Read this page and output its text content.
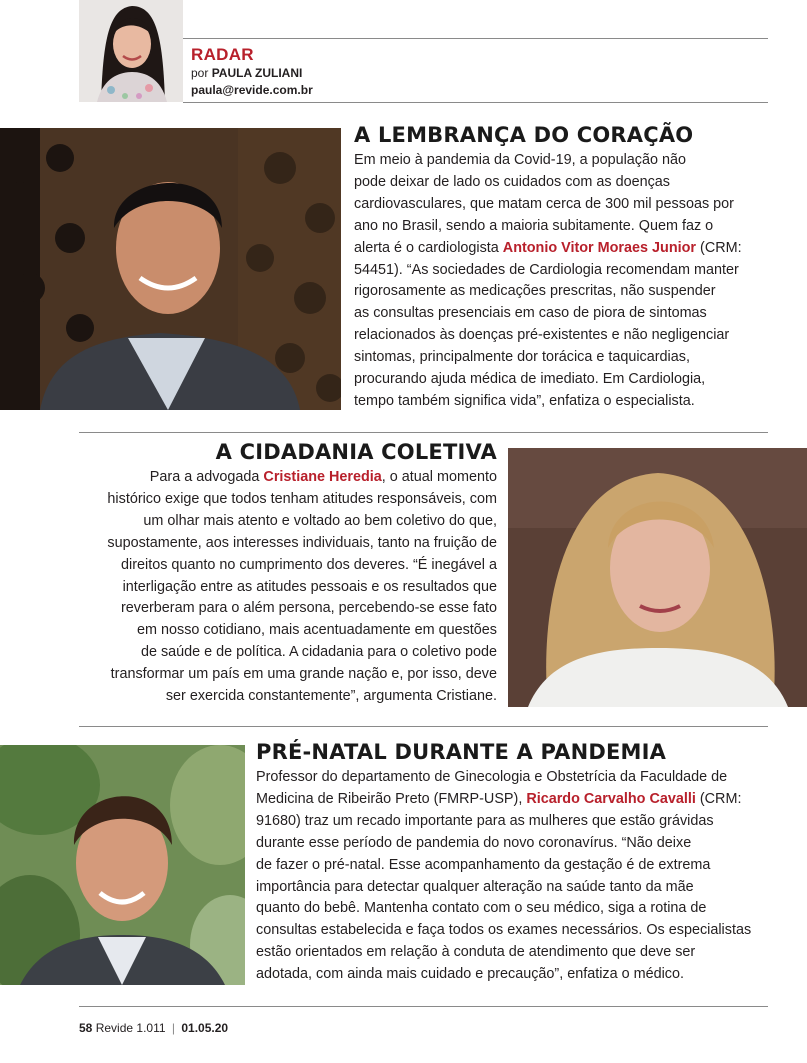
RADAR
por PAULA ZULIANI
paula@revide.com.br
A LEMBRANÇA DO CORAÇÃO
Em meio à pandemia da Covid-19, a população não
pode deixar de lado os cuidados com as doenças
cardiovasculares, que matam cerca de 300 mil pessoas por
ano no Brasil, sendo a maioria subitamente. Quem faz o
alerta é o cardiologista Antonio Vitor Moraes Junior (CRM:
54451). “As sociedades de Cardiologia recomendam manter
rigorosamente as medicações prescritas, não suspender
as consultas presenciais em caso de piora de sintomas
relacionados às doenças pré-existentes e não negligenciar
sintomas, principalmente dor torácica e taquicardias,
procurando ajuda médica de imediato. Em Cardiologia,
tempo também significa vida”, enfatiza o especialista.
A CIDADANIA COLETIVA
Para a advogada Cristiane Heredia, o atual momento
histórico exige que todos tenham atitudes responsáveis, com
um olhar mais atento e voltado ao bem coletivo do que,
supostamente, aos interesses individuais, tanto na fruição de
direitos quanto no cumprimento dos deveres. “É inegável a
interligação entre as atitudes pessoais e os resultados que
reverberam para o além persona, percebendo-se esse fato
em nosso cotidiano, mais acentuadamente em questões
de saúde e de política. A cidadania para o coletivo pode
transformar um país em uma grande nação e, por isso, deve
ser exercida constantemente”, argumenta Cristiane.
PRÉ-NATAL DURANTE A PANDEMIA
Professor do departamento de Ginecologia e Obstetrícia da Faculdade de
Medicina de Ribeirão Preto (FMRP-USP), Ricardo Carvalho Cavalli (CRM:
91680) traz um recado importante para as mulheres que estão grávidas
durante esse período de pandemia do novo coronavírus. “Não deixe
de fazer o pré-natal. Esse acompanhamento da gestação é de extrema
importância para detectar qualquer alteração na saúde tanto da mãe
quanto do bebê. Mantenha contato com o seu médico, siga a rotina de
consultas estabelecida e faça todos os exames necessários. Os especialistas
estão orientados em relação à conduta de atendimento que deve ser
adotada, com ainda mais cuidado e precaução”, enfatiza o médico.
58 Revide 1.011 | 01.05.20
